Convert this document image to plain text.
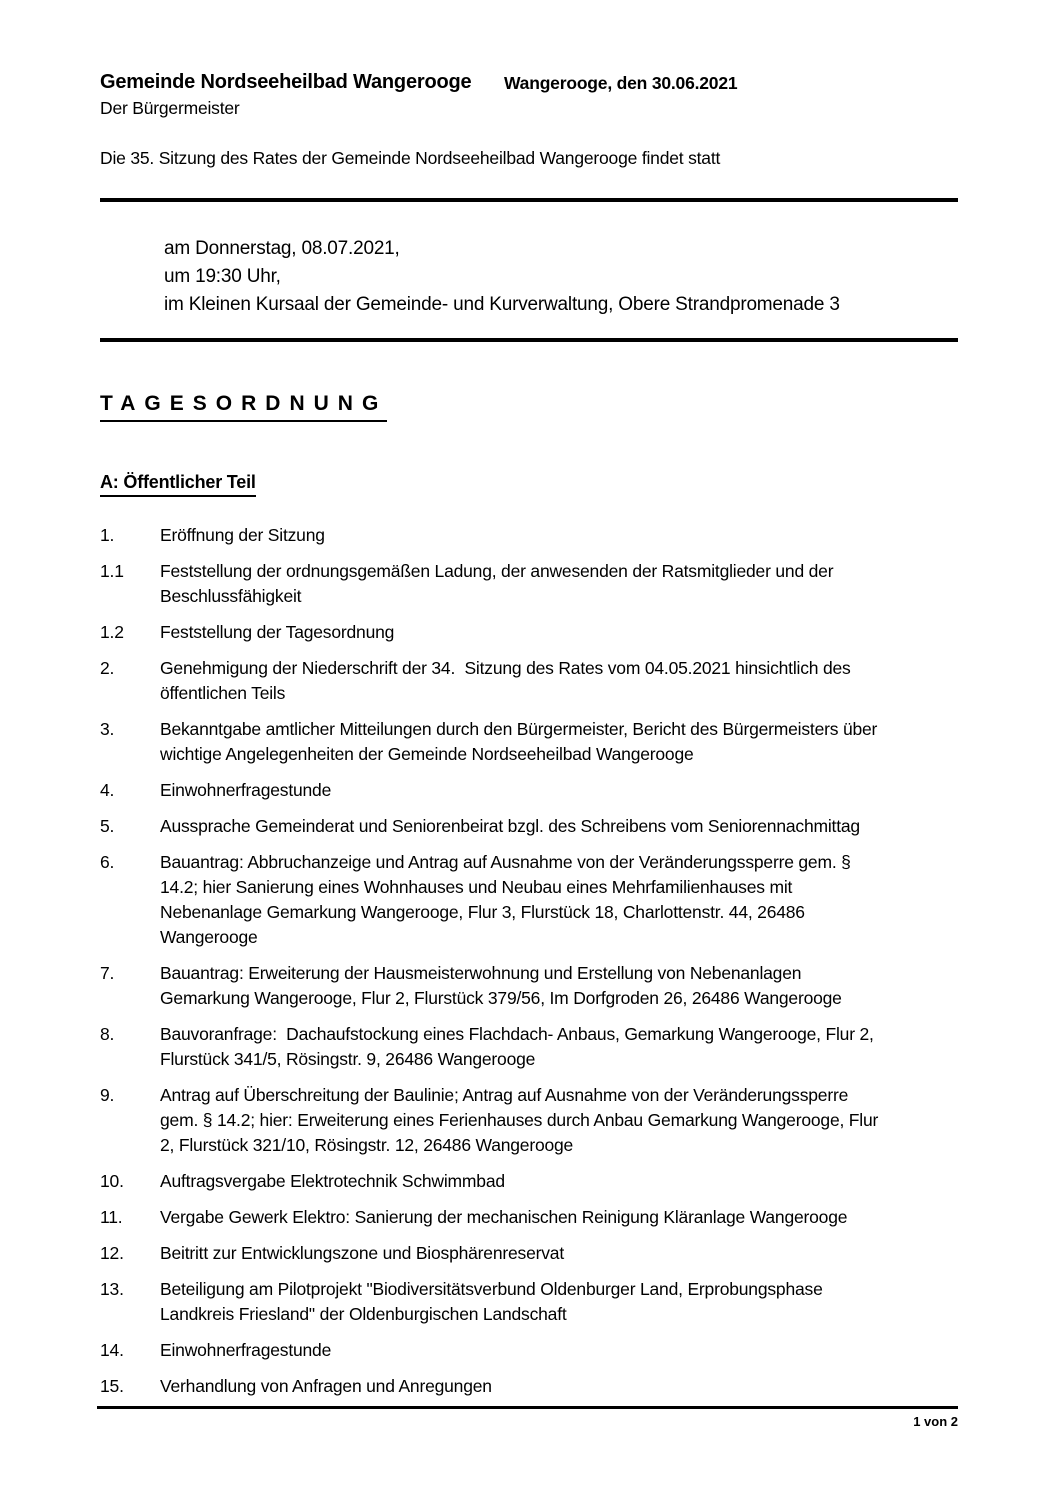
Gemeinde Nordseeheilbad Wangerooge
Der Bürgermeister
Die 35. Sitzung des Rates der Gemeinde Nordseeheilbad Wangerooge findet statt
am Donnerstag, 08.07.2021,
um 19:30 Uhr,
im Kleinen Kursaal der Gemeinde- und Kurverwaltung, Obere Strandpromenade 3
TAGESORDNUNG
A: Öffentlicher Teil
1.	Eröffnung der Sitzung
1.1	Feststellung der ordnungsgemäßen Ladung, der anwesenden der Ratsmitglieder und der
Beschlussfähigkeit
1.2	Feststellung der Tagesordnung
2.	Genehmigung der Niederschrift der 34.  Sitzung des Rates vom 04.05.2021 hinsichtlich des
öffentlichen Teils
3.	Bekanntgabe amtlicher Mitteilungen durch den Bürgermeister, Bericht des Bürgermeisters über
wichtige Angelegenheiten der Gemeinde Nordseeheilbad Wangerooge
4.	Einwohnerfragestunde
5.	Aussprache Gemeinderat und Seniorenbeirat bzgl. des Schreibens vom Seniorennachmittag
6.	Bauantrag: Abbruchanzeige und Antrag auf Ausnahme von der Veränderungssperre gem. §
14.2; hier Sanierung eines Wohnhauses und Neubau eines Mehrfamilienhauses mit
Nebenanlage Gemarkung Wangerooge, Flur 3, Flurstück 18, Charlottenstr. 44, 26486
Wangerooge
7.	Bauantrag: Erweiterung der Hausmeisterwohnung und Erstellung von Nebenanlagen
Gemarkung Wangerooge, Flur 2, Flurstück 379/56, Im Dorfgroden 26, 26486 Wangerooge
8.	Bauvoranfrage:  Dachaufstockung eines Flachdach- Anbaus, Gemarkung Wangerooge, Flur 2,
Flurstück 341/5, Rösingstr. 9, 26486 Wangerooge
9.	Antrag auf Überschreitung der Baulinie; Antrag auf Ausnahme von der Veränderungssperre
gem. § 14.2; hier: Erweiterung eines Ferienhauses durch Anbau Gemarkung Wangerooge, Flur
2, Flurstück 321/10, Rösingstr. 12, 26486 Wangerooge
10.	Auftragsvergabe Elektrotechnik Schwimmbad
11.	Vergabe Gewerk Elektro: Sanierung der mechanischen Reinigung Kläranlage Wangerooge
12.	Beitritt zur Entwicklungszone und Biosphärenreservat
13.	Beteiligung am Pilotprojekt "Biodiversitätsverbund Oldenburger Land, Erprobungsphase
Landkreis Friesland" der Oldenburgischen Landschaft
14.	Einwohnerfragestunde
15.	Verhandlung von Anfragen und Anregungen
1 von 2
Wangerooge, den 30.06.2021
